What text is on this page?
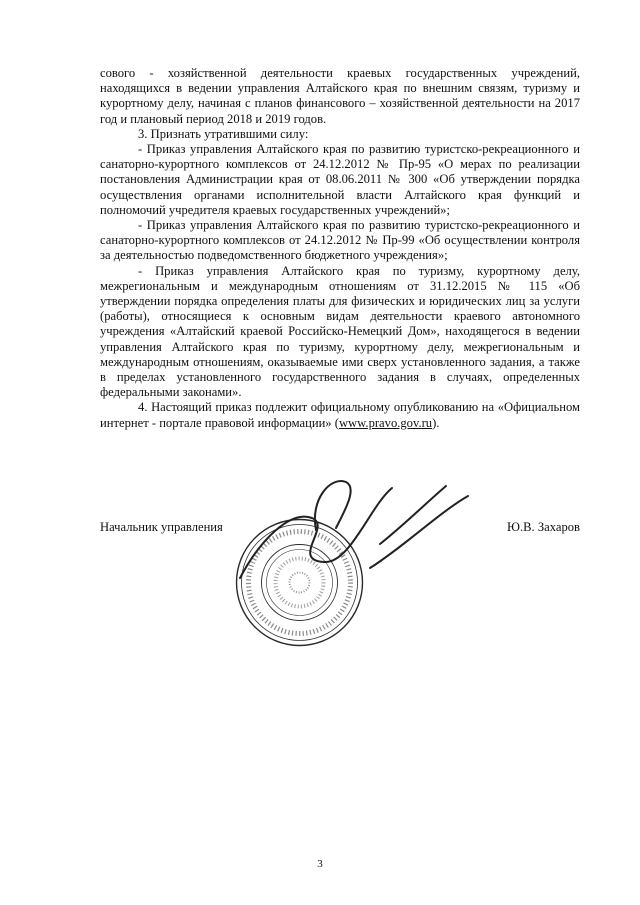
сового - хозяйственной деятельности краевых государственных учреждений, находящихся в ведении управления Алтайского края по внешним связям, туризму и курортному делу, начиная с планов финансового – хозяйственной деятельности на 2017 год и плановый период 2018 и 2019 годов.

3. Признать утратившими силу:

- Приказ управления Алтайского края по развитию туристско-рекреационного и санаторно-курортного комплексов от 24.12.2012 № Пр-95 «О мерах по реализации постановления Администрации края от 08.06.2011 № 300 «Об утверждении порядка осуществления органами исполнительной власти Алтайского края функций и полномочий учредителя краевых государственных учреждений»;

- Приказ управления Алтайского края по развитию туристско-рекреационного и санаторно-курортного комплексов от 24.12.2012 № Пр-99 «Об осуществлении контроля за деятельностью подведомственного бюджетного учреждения»;

- Приказ управления Алтайского края по туризму, курортному делу, межрегиональным и международным отношениям от 31.12.2015 № 115 «Об утверждении порядка определения платы для физических и юридических лиц за услуги (работы), относящиеся к основным видам деятельности краевого автономного учреждения «Алтайский краевой Российско-Немецкий Дом», находящегося в ведении управления Алтайского края по туризму, курортному делу, межрегиональным и международным отношениям, оказываемые ими сверх установленного задания, а также в пределах установленного государственного задания в случаях, определенных федеральными законами».

4. Настоящий приказ подлежит официальному опубликованию на «Официальном интернет - портале правовой информации» (www.pravo.gov.ru).

Начальник управления	Ю.В. Захаров
3
